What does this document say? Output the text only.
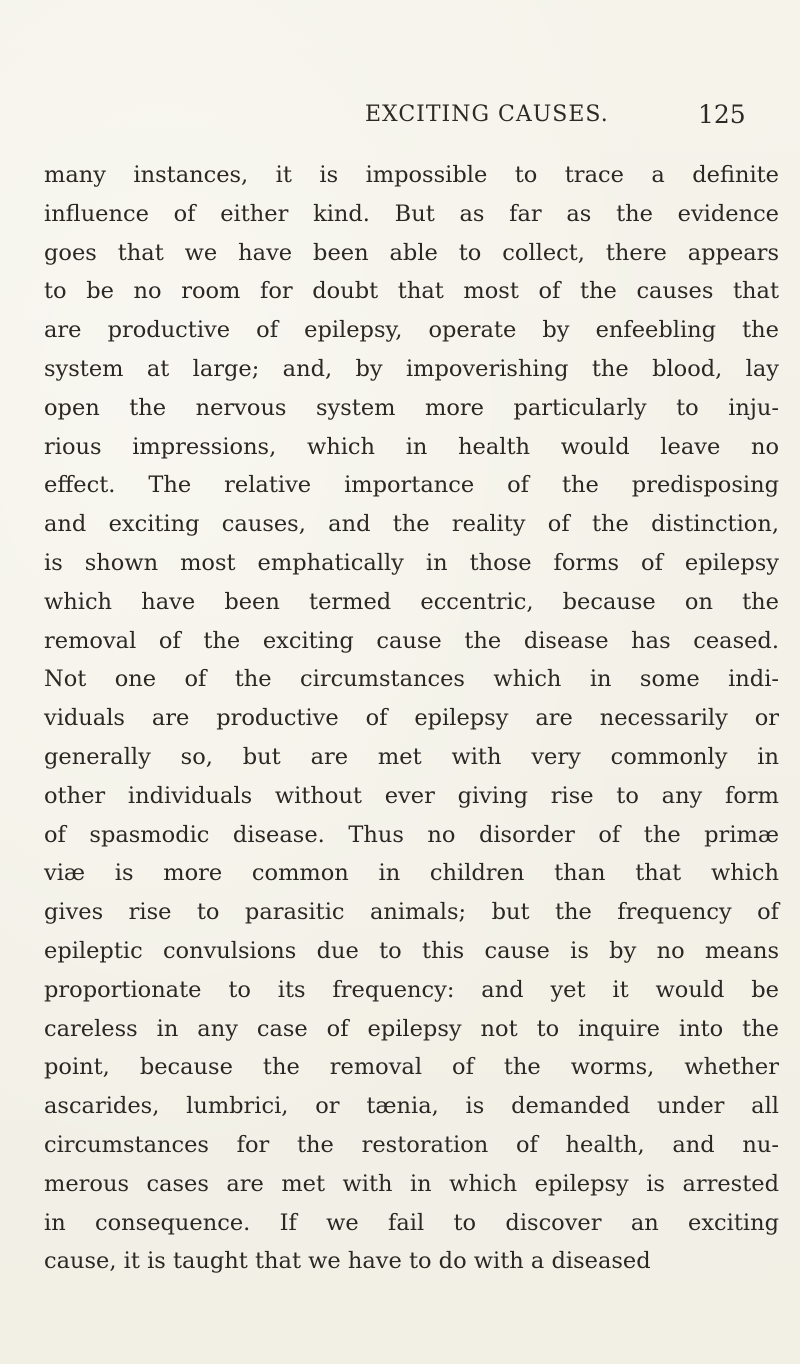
EXCITING CAUSES.	125
many instances, it is impossible to trace a definite
influence of either kind. But as far as the evidence
goes that we have been able to collect, there appears
to be no room for doubt that most of the causes that
are productive of epilepsy, operate by enfeebling the
system at large; and, by impoverishing the blood, lay
open the nervous system more particularly to inju-
rious impressions, which in health would leave no
effect. The relative importance of the predisposing
and exciting causes, and the reality of the distinction,
is shown most emphatically in those forms of epilepsy
which have been termed eccentric, because on the
removal of the exciting cause the disease has ceased.
Not one of the circumstances which in some indi-
viduals are productive of epilepsy are necessarily or
generally so, but are met with very commonly in
other individuals without ever giving rise to any form
of spasmodic disease. Thus no disorder of the primæ
viæ is more common in children than that which
gives rise to parasitic animals; but the frequency of
epileptic convulsions due to this cause is by no means
proportionate to its frequency: and yet it would be
careless in any case of epilepsy not to inquire into the
point, because the removal of the worms, whether
ascarides, lumbrici, or tænia, is demanded under all
circumstances for the restoration of health, and nu-
merous cases are met with in which epilepsy is arrested
in consequence. If we fail to discover an exciting
cause, it is taught that we have to do with a diseased
